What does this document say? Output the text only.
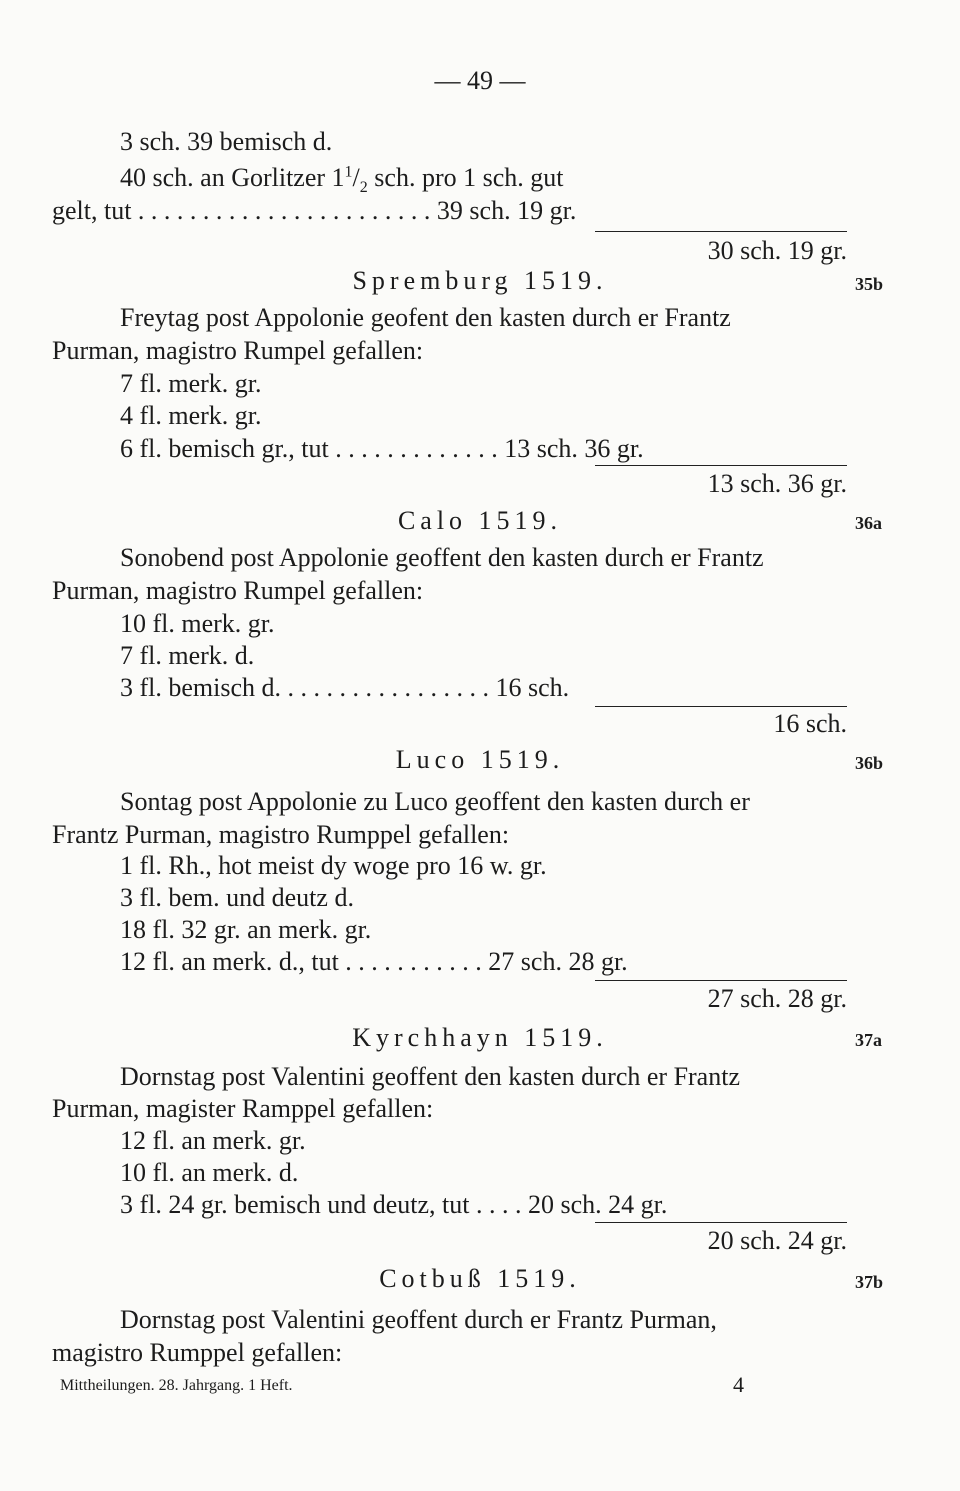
— 49 —
3 sch. 39 bemisch d.
40 sch. an Gorlitzer $1^1/_2$ sch. pro 1 sch. gut
gelt, tut . . . . . . . . . . . . . . . . . . . . . . . 39 sch. 19 gr.
30 sch. 19 gr.
Spremburg 1519.	35b
Freytag post Appolonie geofent den kasten durch er Frantz
Purman, magistro Rumpel gefallen:
7 fl. merk. gr.
4 fl. merk. gr.
6 fl. bemisch gr., tut . . . . . . . . . . . . . 13 sch. 36 gr.
13 sch. 36 gr.
Calo 1519.	36a
Sonobend post Appolonie geoffent den kasten durch er Frantz
Purman, magistro Rumpel gefallen:
10 fl. merk. gr.
7 fl. merk. d.
3 fl. bemisch d. . . . . . . . . . . . . . . . . 16 sch.
16 sch.
Luco 1519.	36b
Sontag post Appolonie zu Luco geoffent den kasten durch er
Frantz Purman, magistro Rumppel gefallen:
1 fl. Rh., hot meist dy woge pro 16 w. gr.
3 fl. bem. und deutz d.
18 fl. 32 gr. an merk. gr.
12 fl. an merk. d., tut . . . . . . . . . . . 27 sch. 28 gr.
27 sch. 28 gr.
Kyrchhayn 1519.	37a
Dornstag post Valentini geoffent den kasten durch er Frantz
Purman, magister Ramppel gefallen:
12 fl. an merk. gr.
10 fl. an merk. d.
3 fl. 24 gr. bemisch und deutz, tut . . . . 20 sch. 24 gr.
20 sch. 24 gr.
Cotbuß 1519.	37b
Dornstag post Valentini geoffent durch er Frantz Purman,
magistro Rumppel gefallen:
Mittheilungen. 28. Jahrgang. 1 Heft.	4
